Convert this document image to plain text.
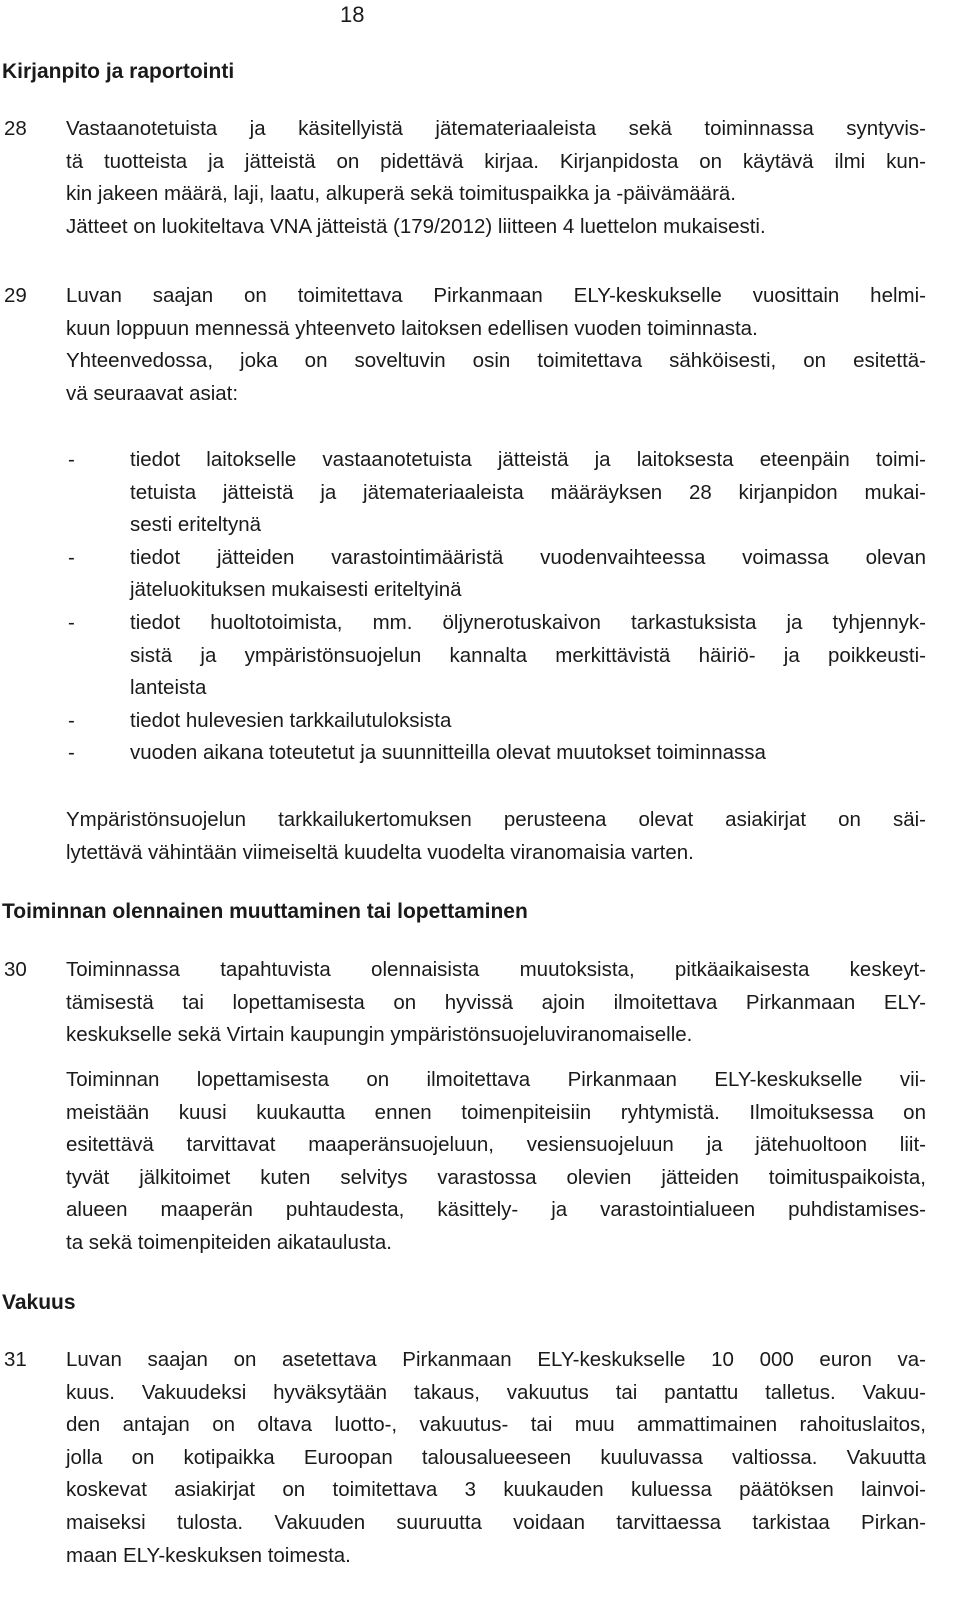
18
Kirjanpito ja raportointi
28 Vastaanotetuista ja käsitellyistä jätemateriaaleista sekä toiminnassa syntyvis-
tä tuotteista ja jätteistä on pidettävä kirjaa. Kirjanpidosta on käytävä ilmi kun-
kin jakeen määrä, laji, laatu, alkuperä sekä toimituspaikka ja -päivämäärä.
Jätteet on luokiteltava VNA jätteistä (179/2012) liitteen 4 luettelon mukaisesti.
29 Luvan saajan on toimitettava Pirkanmaan ELY-keskukselle vuosittain helmi-
kuun loppuun mennessä yhteenveto laitoksen edellisen vuoden toiminnasta.
Yhteenvedossa, joka on soveltuvin osin toimitettava sähköisesti, on esitettä-
vä seuraavat asiat:
-	tiedot laitokselle vastaanotetuista jätteistä ja laitoksesta eteenpäin toimi-
tetuista jätteistä ja jätemateriaaleista määräyksen 28 kirjanpidon mukai-
sesti eriteltynä
-	tiedot jätteiden varastointimääristä vuodenvaihteessa voimassa olevan
jäteluokituksen mukaisesti eriteltyinä
-	tiedot huoltotoimista, mm. öljynerotuskaivon tarkastuksista ja tyhjennyk-
sistä ja ympäristönsuojelun kannalta merkittävistä häiriö- ja poikkeusti-
lanteista
-	tiedot hulevesien tarkkailutuloksista
-	vuoden aikana toteutetut ja suunnitteilla olevat muutokset toiminnassa
Ympäristönsuojelun tarkkailukertomuksen perusteena olevat asiakirjat on säi-
lytettävä vähintään viimeiseltä kuudelta vuodelta viranomaisia varten.
Toiminnan olennainen muuttaminen tai lopettaminen
30 Toiminnassa tapahtuvista olennaisista muutoksista, pitkäaikaisesta keskeyt-
tämisestä tai lopettamisesta on hyvissä ajoin ilmoitettava Pirkanmaan ELY-
keskukselle sekä Virtain kaupungin ympäristönsuojeluviranomaiselle.
Toiminnan lopettamisesta on ilmoitettava Pirkanmaan ELY-keskukselle vii-
meistään kuusi kuukautta ennen toimenpiteisiin ryhtymistä. Ilmoituksessa on
esitettävä tarvittavat maaperänsuojeluun, vesiensuojeluun ja jätehuoltoon liit-
tyvät jälkitoimet kuten selvitys varastossa olevien jätteiden toimituspaikoista,
alueen maaperän puhtaudesta, käsittely- ja varastointialueen puhdistamises-
ta sekä toimenpiteiden aikataulusta.
Vakuus
31 Luvan saajan on asetettava Pirkanmaan ELY-keskukselle 10 000 euron va-
kuus. Vakuudeksi hyväksytään takaus, vakuutus tai pantattu talletus. Vakuu-
den antajan on oltava luotto-, vakuutus- tai muu ammattimainen rahoituslaitos,
jolla on kotipaikka Euroopan talousalueeseen kuuluvassa valtiossa. Vakuutta
koskevat asiakirjat on toimitettava 3 kuukauden kuluessa päätöksen lainvoi-
maiseksi tulosta. Vakuuden suuruutta voidaan tarvittaessa tarkistaa Pirkan-
maan ELY-keskuksen toimesta.
